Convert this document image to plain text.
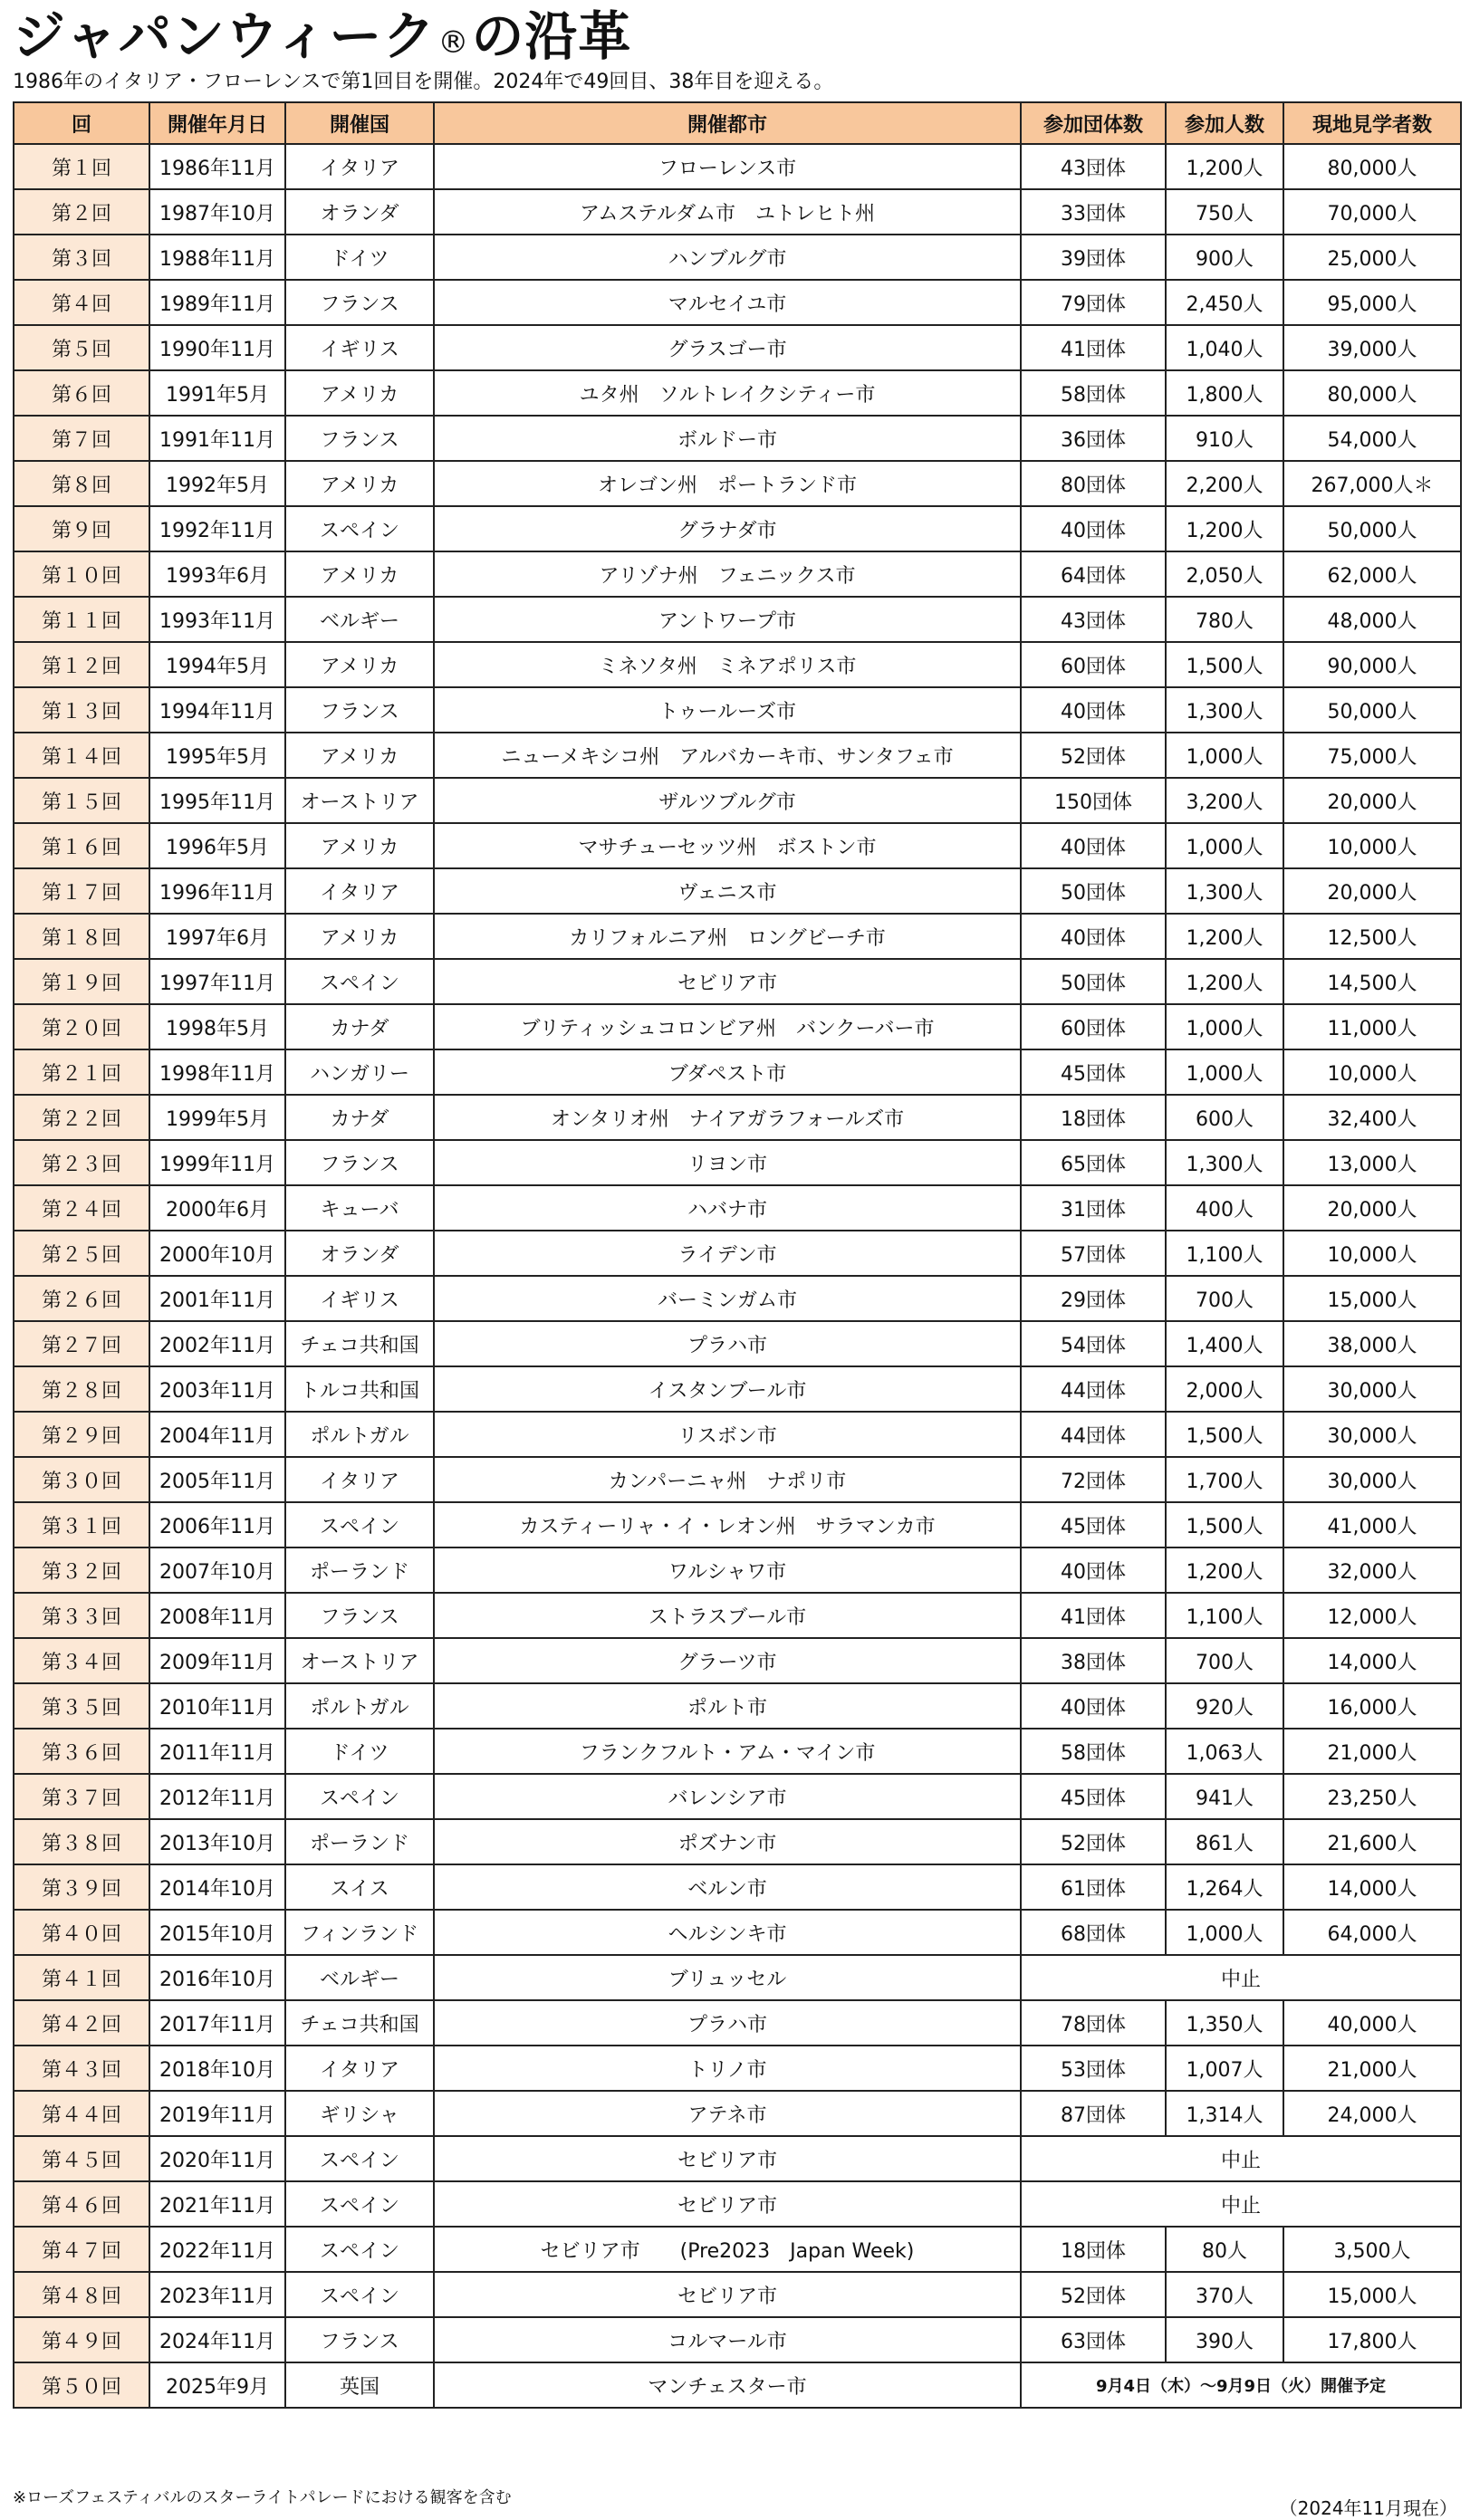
ジャパンウィーク®の沿革
1986年のイタリア・フローレンスで第1回目を開催。2024年で49回目、38年目を迎える。
回	開催年月日	開催国	開催都市	参加団体数	参加人数	現地見学者数
第１回	1986年11月	イタリア	フローレンス市	43団体	1,200人	80,000人
第２回	1987年10月	オランダ	アムステルダム市　ユトレヒト州	33団体	750人	70,000人
第３回	1988年11月	ドイツ	ハンブルグ市	39団体	900人	25,000人
第４回	1989年11月	フランス	マルセイユ市	79団体	2,450人	95,000人
第５回	1990年11月	イギリス	グラスゴー市	41団体	1,040人	39,000人
第６回	1991年5月	アメリカ	ユタ州　ソルトレイクシティー市	58団体	1,800人	80,000人
第７回	1991年11月	フランス	ボルドー市	36団体	910人	54,000人
第８回	1992年5月	アメリカ	オレゴン州　ポートランド市	80団体	2,200人	267,000人＊
第９回	1992年11月	スペイン	グラナダ市	40団体	1,200人	50,000人
第１０回	1993年6月	アメリカ	アリゾナ州　フェニックス市	64団体	2,050人	62,000人
第１１回	1993年11月	ベルギー	アントワープ市	43団体	780人	48,000人
第１２回	1994年5月	アメリカ	ミネソタ州　ミネアポリス市	60団体	1,500人	90,000人
第１３回	1994年11月	フランス	トゥールーズ市	40団体	1,300人	50,000人
第１４回	1995年5月	アメリカ	ニューメキシコ州　アルバカーキ市、サンタフェ市	52団体	1,000人	75,000人
第１５回	1995年11月	オーストリア	ザルツブルグ市	150団体	3,200人	20,000人
第１６回	1996年5月	アメリカ	マサチューセッツ州　ボストン市	40団体	1,000人	10,000人
第１７回	1996年11月	イタリア	ヴェニス市	50団体	1,300人	20,000人
第１８回	1997年6月	アメリカ	カリフォルニア州　ロングビーチ市	40団体	1,200人	12,500人
第１９回	1997年11月	スペイン	セビリア市	50団体	1,200人	14,500人
第２０回	1998年5月	カナダ	ブリティッシュコロンビア州　バンクーバー市	60団体	1,000人	11,000人
第２１回	1998年11月	ハンガリー	ブダペスト市	45団体	1,000人	10,000人
第２２回	1999年5月	カナダ	オンタリオ州　ナイアガラフォールズ市	18団体	600人	32,400人
第２３回	1999年11月	フランス	リヨン市	65団体	1,300人	13,000人
第２４回	2000年6月	キューバ	ハバナ市	31団体	400人	20,000人
第２５回	2000年10月	オランダ	ライデン市	57団体	1,100人	10,000人
第２６回	2001年11月	イギリス	バーミンガム市	29団体	700人	15,000人
第２７回	2002年11月	チェコ共和国	プラハ市	54団体	1,400人	38,000人
第２８回	2003年11月	トルコ共和国	イスタンブール市	44団体	2,000人	30,000人
第２９回	2004年11月	ポルトガル	リスボン市	44団体	1,500人	30,000人
第３０回	2005年11月	イタリア	カンパーニャ州　ナポリ市	72団体	1,700人	30,000人
第３１回	2006年11月	スペイン	カスティーリャ・イ・レオン州　サラマンカ市	45団体	1,500人	41,000人
第３２回	2007年10月	ポーランド	ワルシャワ市	40団体	1,200人	32,000人
第３３回	2008年11月	フランス	ストラスブール市	41団体	1,100人	12,000人
第３４回	2009年11月	オーストリア	グラーツ市	38団体	700人	14,000人
第３５回	2010年11月	ポルトガル	ポルト市	40団体	920人	16,000人
第３６回	2011年11月	ドイツ	フランクフルト・アム・マイン市	58団体	1,063人	21,000人
第３７回	2012年11月	スペイン	バレンシア市	45団体	941人	23,250人
第３８回	2013年10月	ポーランド	ポズナン市	52団体	861人	21,600人
第３９回	2014年10月	スイス	ベルン市	61団体	1,264人	14,000人
第４０回	2015年10月	フィンランド	ヘルシンキ市	68団体	1,000人	64,000人
第４１回	2016年10月	ベルギー	ブリュッセル	中止		
第４２回	2017年11月	チェコ共和国	プラハ市	78団体	1,350人	40,000人
第４３回	2018年10月	イタリア	トリノ市	53団体	1,007人	21,000人
第４４回	2019年11月	ギリシャ	アテネ市	87団体	1,314人	24,000人
第４５回	2020年11月	スペイン	セビリア市	中止		
第４６回	2021年11月	スペイン	セビリア市	中止		
第４７回	2022年11月	スペイン	セビリア市　　(Pre2023　Japan Week)	18団体	80人	3,500人
第４８回	2023年11月	スペイン	セビリア市	52団体	370人	15,000人
第４９回	2024年11月	フランス	コルマール市	63団体	390人	17,800人
第５０回	2025年9月	英国	マンチェスター市	9月4日（木）～9月9日（火）開催予定		
※ローズフェスティバルのスターライトパレードにおける観客を含む	（2024年11月現在）
